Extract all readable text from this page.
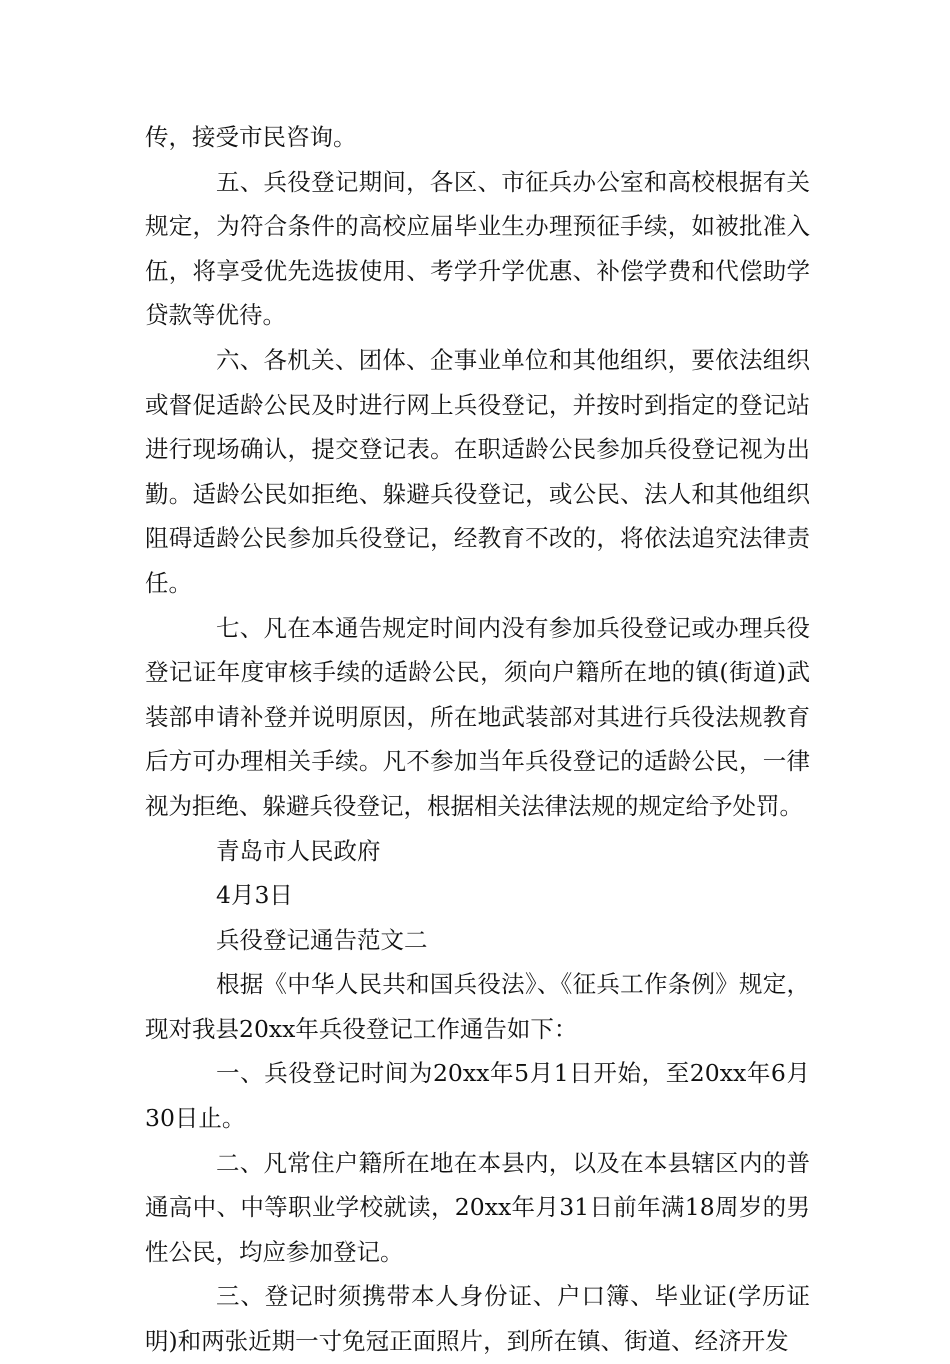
传，接受市民咨询。

五、兵役登记期间，各区、市征兵办公室和高校根据有关规定，为符合条件的高校应届毕业生办理预征手续，如被批准入伍，将享受优先选拔使用、考学升学优惠、补偿学费和代偿助学贷款等优待。

六、各机关、团体、企事业单位和其他组织，要依法组织或督促适龄公民及时进行网上兵役登记，并按时到指定的登记站进行现场确认，提交登记表。在职适龄公民参加兵役登记视为出勤。适龄公民如拒绝、躲避兵役登记，或公民、法人和其他组织阻碍适龄公民参加兵役登记，经教育不改的，将依法追究法律责任。

七、凡在本通告规定时间内没有参加兵役登记或办理兵役登记证年度审核手续的适龄公民，须向户籍所在地的镇(街道)武装部申请补登并说明原因，所在地武装部对其进行兵役法规教育后方可办理相关手续。凡不参加当年兵役登记的适龄公民，一律视为拒绝、躲避兵役登记，根据相关法律法规的规定给予处罚。

青岛市人民政府

4月3日

兵役登记通告范文二

根据《中华人民共和国兵役法》、《征兵工作条例》规定，现对我县20xx年兵役登记工作通告如下：

一、兵役登记时间为20xx年5月1日开始，至20xx年6月30日止。

二、凡常住户籍所在地在本县内，以及在本县辖区内的普通高中、中等职业学校就读，20xx年月31日前年满18周岁的男性公民，均应参加登记。

三、登记时须携带本人身份证、户口簿、毕业证(学历证明)和两张近期一寸免冠正面照片，到所在镇、街道、经济开发
